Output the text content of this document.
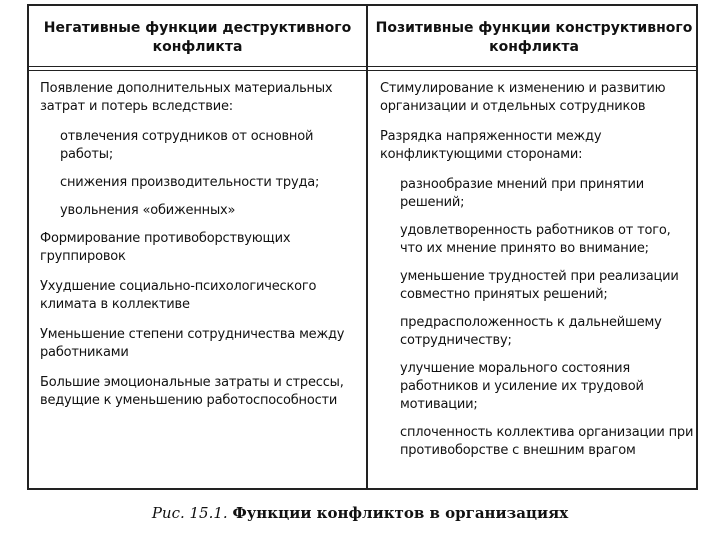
Негативные функции деструктивного конфликта
Позитивные функции конструктивного конфликта
Появление дополнительных материальных затрат и потерь вследствие:
отвлечения сотрудников от основной работы;
снижения производительности труда;
увольнения «обиженных»
Формирование противоборствующих группировок
Ухудшение социально-психологического климата в коллективе
Уменьшение степени сотрудничества между работниками
Большие эмоциональные затраты и стрессы, ведущие к уменьшению работоспособности
Стимулирование к изменению и развитию организации и отдельных сотрудников
Разрядка напряженности между конфликтующими сторонами:
разнообразие мнений при принятии решений;
удовлетворенность работников от того, что их мнение принято во внимание;
уменьшение трудностей при реализации совместно принятых решений;
предрасположенность к дальнейшему сотрудничеству;
улучшение морального состояния работников и усиление их трудовой мотивации;
сплоченность коллектива организации при противоборстве с внешним врагом
Рис. 15.1. Функции конфликтов в организациях
